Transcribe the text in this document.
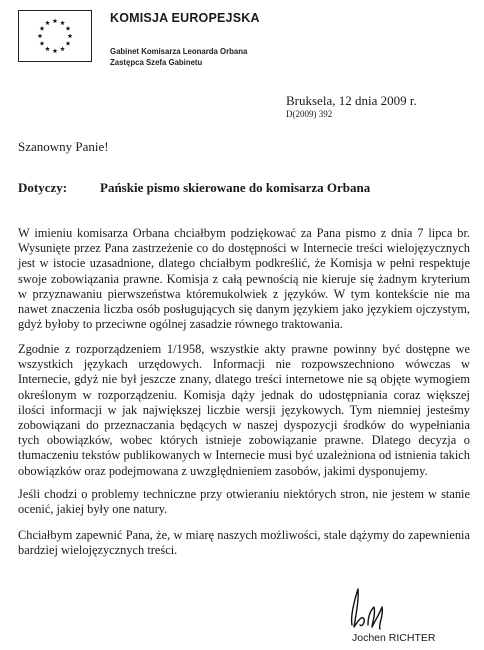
KOMISJA EUROPEJSKA
Gabinet Komisarza Leonarda Orbana
Zastępca Szefa Gabinetu
Bruksela, 12 dnia 2009 r.
D(2009) 392
Szanowny Panie!
Dotyczy:	Pańskie pismo skierowane do komisarza Orbana

W imieniu komisarza Orbana chciałbym podziękować za Pana pismo z dnia 7 lipca br. Wysunięte przez Pana zastrzeżenie co do dostępności w Internecie treści wielojęzycznych jest w istocie uzasadnione, dlatego chciałbym podkreślić, że Komisja w pełni respektuje swoje zobowiązania prawne. Komisja z całą pewnością nie kieruje się żadnym kryterium w przyznawaniu pierwszeństwa któremukolwiek z języków. W tym kontekście nie ma nawet znaczenia liczba osób posługujących się danym językiem jako językiem ojczystym, gdyż byłoby to przeciwne ogólnej zasadzie równego traktowania.

Zgodnie z rozporządzeniem 1/1958, wszystkie akty prawne powinny być dostępne we wszystkich językach urzędowych. Informacji nie rozpowszechniono wówczas w Internecie, gdyż nie był jeszcze znany, dlatego treści internetowe nie są objęte wymogiem określonym w rozporządzeniu. Komisja dąży jednak do udostępniania coraz większej ilości informacji w jak największej liczbie wersji językowych. Tym niemniej jesteśmy zobowiązani do przeznaczania będących w naszej dyspozycji środków do wypełniania tych obowiązków, wobec których istnieje zobowiązanie prawne. Dlatego decyzja o tłumaczeniu tekstów publikowanych w Internecie musi być uzależniona od istnienia takich obowiązków oraz podejmowana z uwzględnieniem zasobów, jakimi dysponujemy.

Jeśli chodzi o problemy techniczne przy otwieraniu niektórych stron, nie jestem w stanie ocenić, jakiej były one natury.

Chciałbym zapewnić Pana, że, w miarę naszych możliwości, stale dążymy do zapewnienia bardziej wielojęzycznych treści.

Jochen RICHTER
